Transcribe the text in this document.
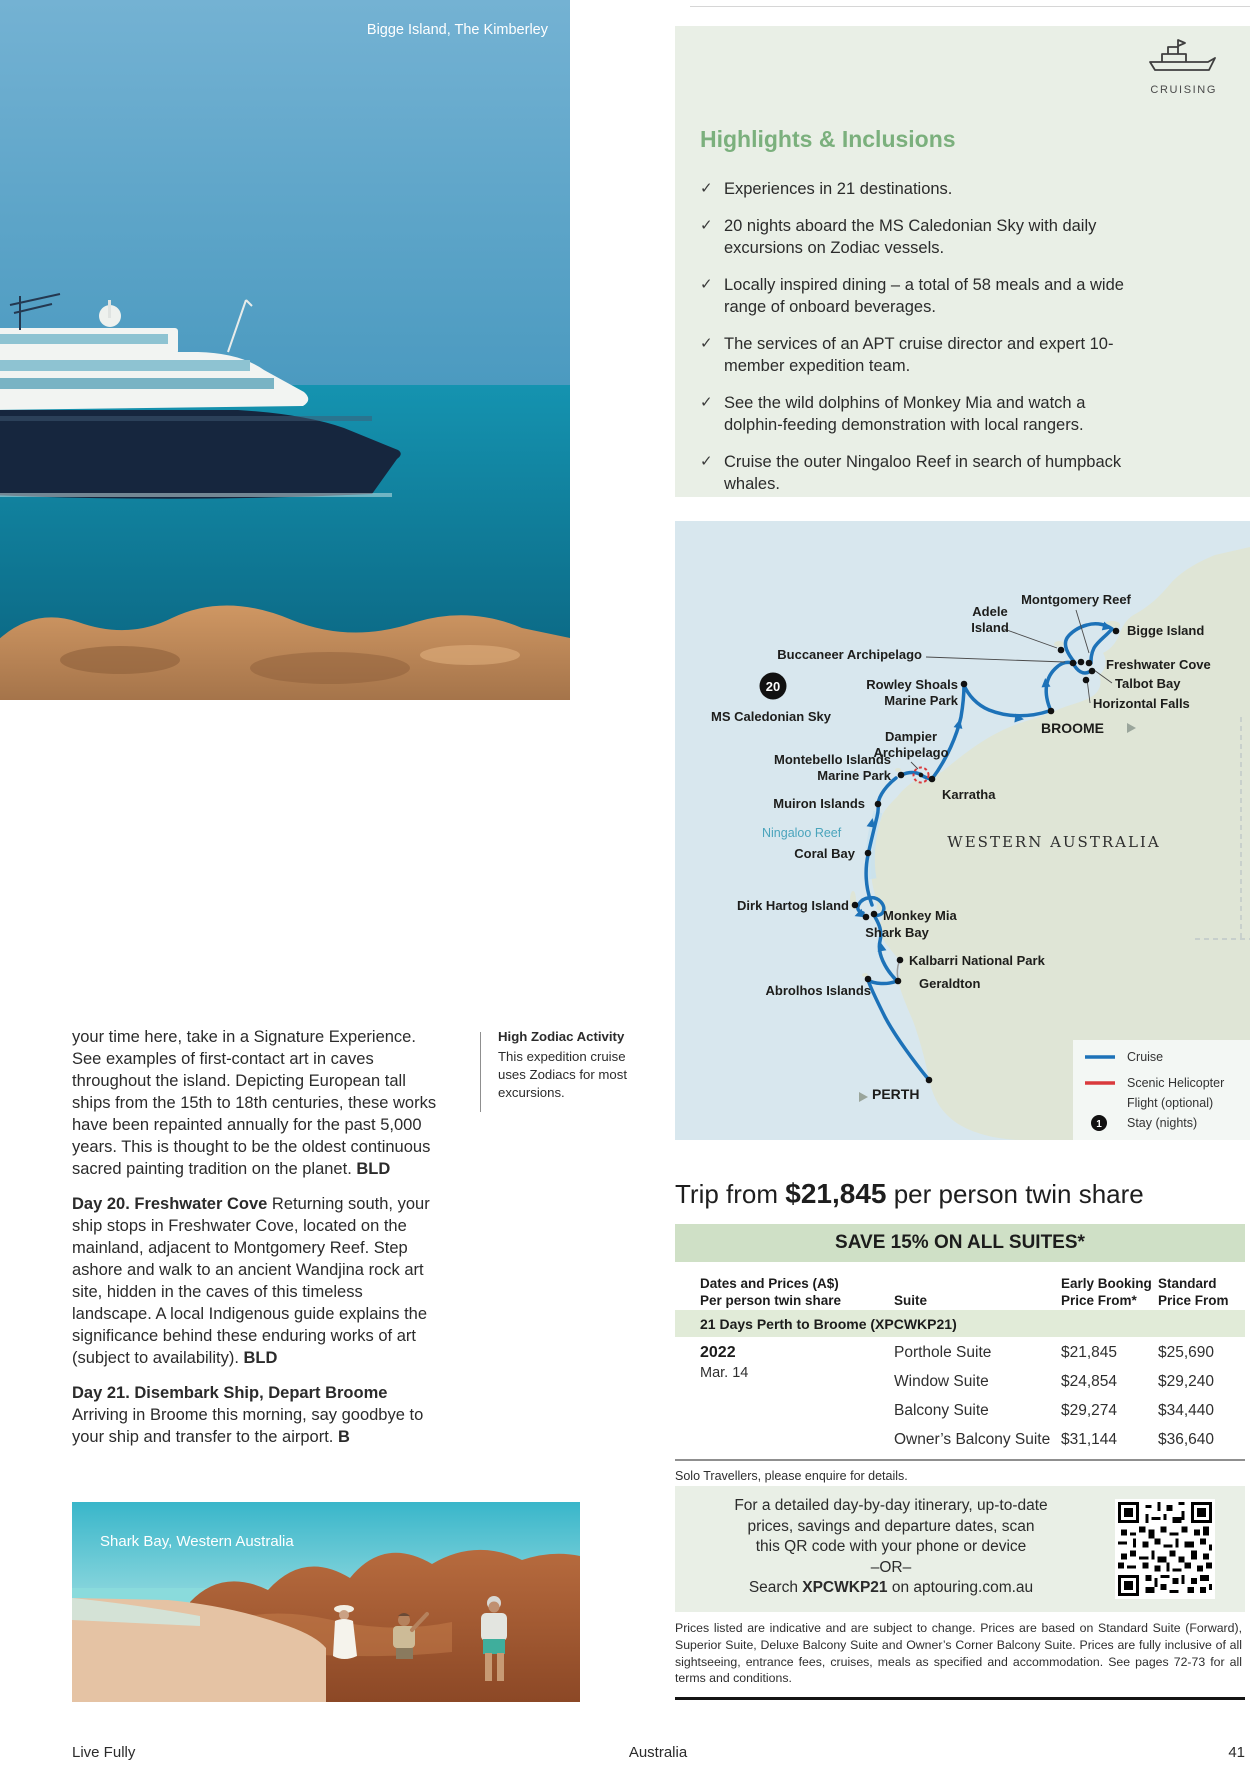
Bigge Island, The Kimberley
CRUISING
Highlights & Inclusions
✓ Experiences in 21 destinations.
✓ 20 nights aboard the MS Caledonian Sky with daily excursions on Zodiac vessels.
✓ Locally inspired dining – a total of 58 meals and a wide range of onboard beverages.
✓ The services of an APT cruise director and expert 10-member expedition team.
✓ See the wild dolphins of Monkey Mia and watch a dolphin-feeding demonstration with local rangers.
✓ Cruise the outer Ningaloo Reef in search of humpback whales.
20
Cruise
Scenic Helicopter
Flight (optional)
1 Stay (nights)
Montgomery Reef
Adele
Island
Buccaneer Archipelago
Bigge Island
Freshwater Cove
Talbot Bay
Horizontal Falls
Rowley Shoals
Marine Park
BROOME
MS Caledonian Sky
Dampier
Archipelago
Montebello Islands
Marine Park
Karratha
Muiron Islands
Ningaloo Reef
Coral Bay
WESTERN AUSTRALIA
Dirk Hartog Island
Monkey Mia
Shark Bay
Kalbarri National Park
Geraldton
Abrolhos Islands
PERTH

your time here, take in a Signature Experience. See examples of first-contact art in caves throughout the island. Depicting European tall ships from the 15th to 18th centuries, these works have been repainted annually for the past 5,000 years. This is thought to be the oldest continuous sacred painting tradition on the planet. BLD

Day 20. Freshwater Cove Returning south, your ship stops in Freshwater Cove, located on the mainland, adjacent to Montgomery Reef. Step ashore and walk to an ancient Wandjina rock art site, hidden in the caves of this timeless landscape. A local Indigenous guide explains the significance behind these enduring works of art (subject to availability). BLD

Day 21. Disembark Ship, Depart Broome Arriving in Broome this morning, say goodbye to your ship and transfer to the airport. B

High Zodiac Activity

This expedition cruise uses Zodiacs for most excursions.

Shark Bay, Western Australia
Trip from $21,845 per person twin share
SAVE 15% ON ALL SUITES*
Dates and Prices (A$)
Per person twin share	Suite
Early Booking
Price From*
Standard
Price From
21 Days Perth to Broome (XPCWKP21)
2022
Mar. 14
Porthole Suite	$21,845	$25,690
Window Suite	$24,854	$29,240
Balcony Suite	$29,274	$34,440
Owner’s Balcony Suite $31,144	$36,640
Solo Travellers, please enquire for details.
For a detailed day-by-day itinerary, up-to-date
prices, savings and departure dates, scan
this QR code with your phone or device
–OR–
Search XPCWKP21 on aptouring.com.au
Prices listed are indicative and are subject to change. Prices are based on Standard Suite (Forward), Superior Suite, Deluxe Balcony Suite and Owner’s Corner Balcony Suite. Prices are fully inclusive of all sightseeing, entrance fees, cruises, meals as specified and accommodation. See pages 72-73 for all terms and conditions.
Live Fully	Australia	41
